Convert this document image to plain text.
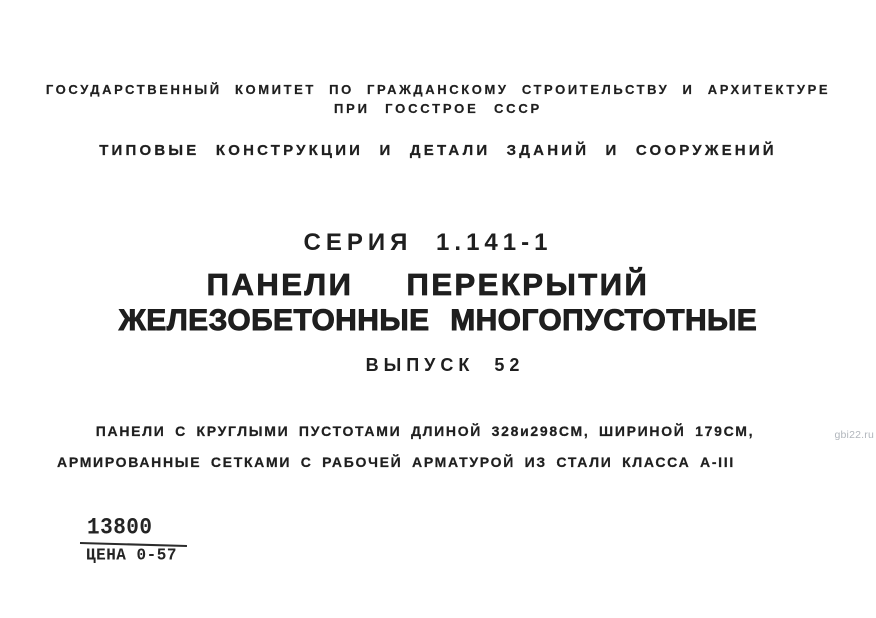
ГОСУДАРСТВЕННЫЙ КОМИТЕТ ПО ГРАЖДАНСКОМУ СТРОИТЕЛЬСТВУ И АРХИТЕКТУРЕ
ПРИ ГОССТРОЕ СССР
ТИПОВЫЕ КОНСТРУКЦИИ И ДЕТАЛИ ЗДАНИЙ И СООРУЖЕНИЙ
СЕРИЯ 1.141-1
ПАНЕЛИ ПЕРЕКРЫТИЙ
ЖЕЛЕЗОБЕТОННЫЕ МНОГОПУСТОТНЫЕ
ВЫПУСК 52
ПАНЕЛИ С КРУГЛЫМИ ПУСТОТАМИ ДЛИНОЙ 328и298СМ, ШИРИНОЙ 179СМ,
АРМИРОВАННЫЕ СЕТКАМИ С РАБОЧЕЙ АРМАТУРОЙ ИЗ СТАЛИ КЛАССА А-III
13800
ЦЕНА 0-57
gbi22.ru
